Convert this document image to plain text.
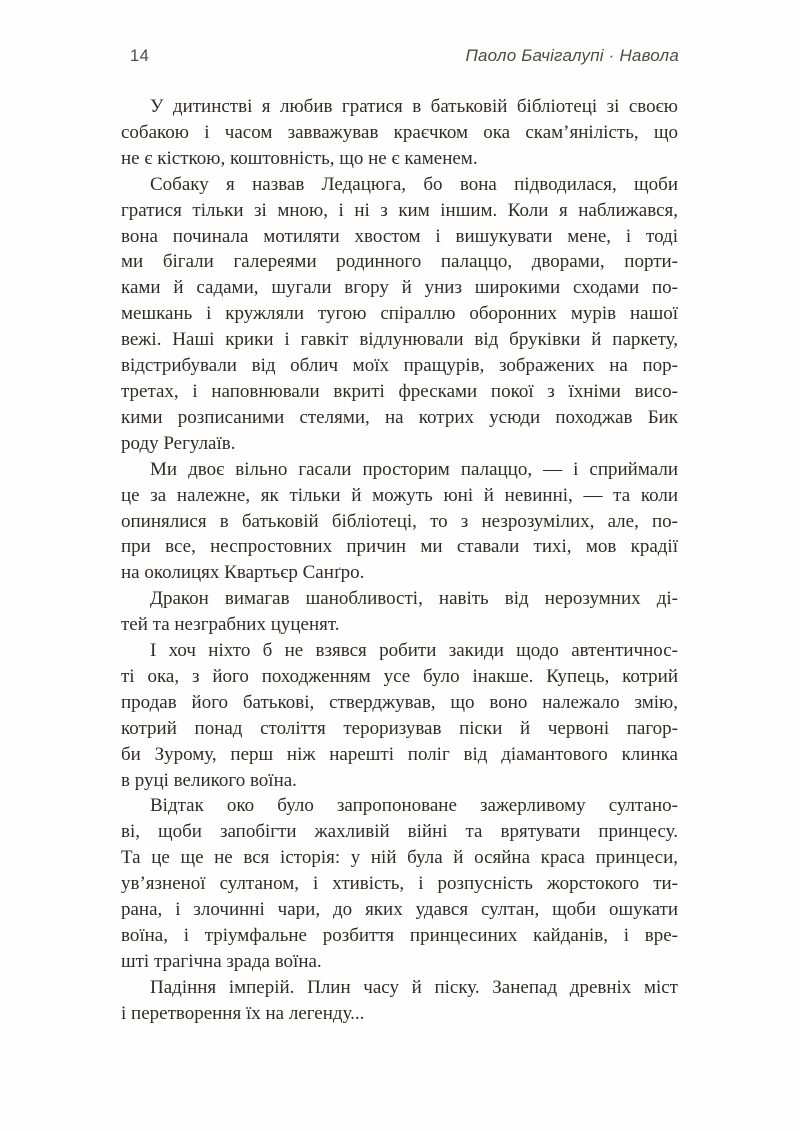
14	Паоло Бачігалупі · Навола
У дитинстві я любив гратися в батьковій бібліотеці зі своєю
собакою і часом завважував краєчком ока скам’янілість, що
не є кісткою, коштовність, що не є каменем.
Собаку я назвав Ледацюга, бо вона підводилася, щоби
гратися тільки зі мною, і ні з ким іншим. Коли я наближався,
вона починала мотиляти хвостом і вишукувати мене, і тоді
ми бігали галереями родинного палаццо, дворами, порти-
ками й садами, шугали вгору й униз широкими сходами по-
мешкань і кружляли тугою спіраллю оборонних мурів нашої
вежі. Наші крики і гавкіт відлунювали від бруківки й паркету,
відстрибували від облич моїх пращурів, зображених на пор-
третах, і наповнювали вкриті фресками покої з їхніми висо-
кими розписаними стелями, на котрих усюди походжав Бик
роду Регулаїв.
Ми двоє вільно гасали просторим палаццо, — і сприймали
це за належне, як тільки й можуть юні й невинні, — та коли
опинялися в батьковій бібліотеці, то з незрозумілих, але, по-
при все, неспростовних причин ми ставали тихі, мов крадії
на околицях Квартьєр Санґро.
Дракон вимагав шанобливості, навіть від нерозумних ді-
тей та незграбних цуценят.
І хоч ніхто б не взявся робити закиди щодо автентичнос-
ті ока, з його походженням усе було інакше. Купець, котрий
продав його батькові, стверджував, що воно належало змію,
котрий понад століття тероризував піски й червоні пагор-
би Зурому, перш ніж нарешті поліг від діамантового клинка
в руці великого воїна.
Відтак око було запропоноване зажерливому султано-
ві, щоби запобігти жахливій війні та врятувати принцесу.
Та це ще не вся історія: у ній була й осяйна краса принцеси,
ув’язненої султаном, і хтивість, і розпусність жорстокого ти-
рана, і злочинні чари, до яких удався султан, щоби ошукати
воїна, і тріумфальне розбиття принцесиних кайданів, і вре-
шті трагічна зрада воїна.
Падіння імперій. Плин часу й піску. Занепад древніх міст
і перетворення їх на легенду...
